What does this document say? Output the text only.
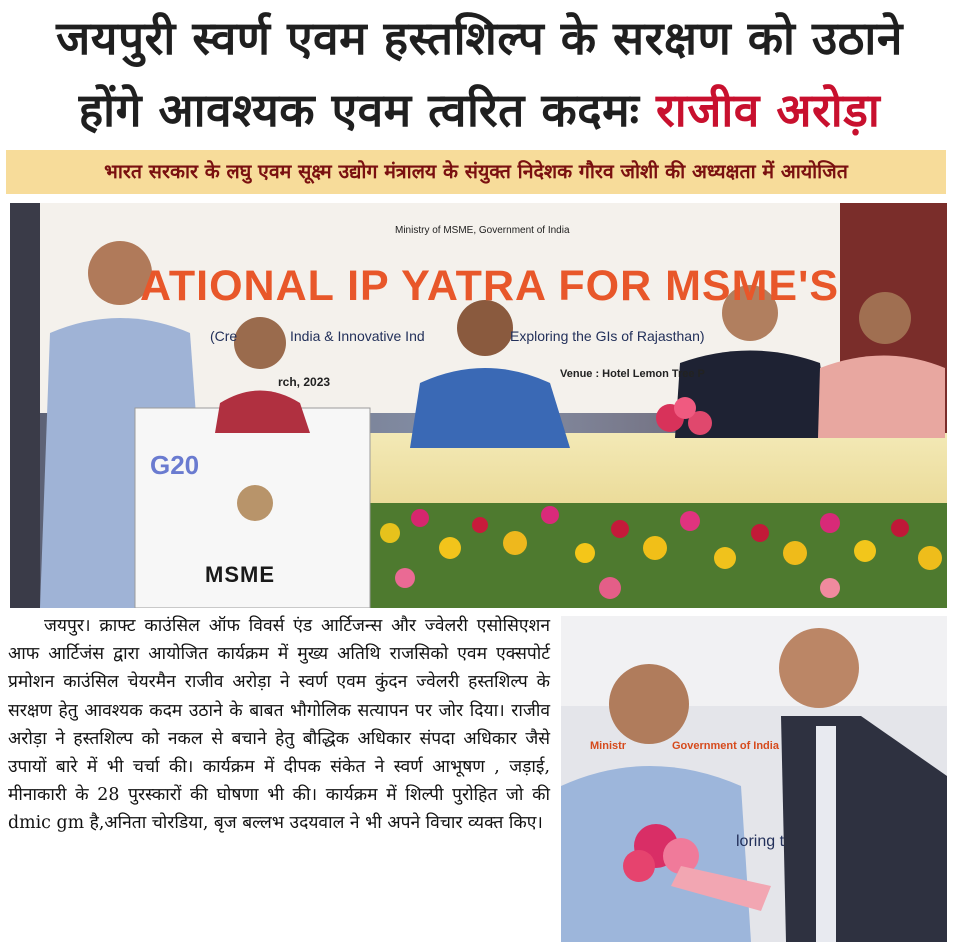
जयपुरी स्वर्ण एवम हस्तशिल्प के सरक्षण को उठाने
होंगे आवश्यक एवम त्वरित कदमः राजीव अरोड़ा
भारत सरकार के लघु एवम सूक्ष्म उद्योग मंत्रालय के संयुक्त निदेशक गौरव जोशी की अध्यक्षता में आयोजित
Ministry of MSME, Government of India
ATIONAL IP YATRA FOR MSME'S
(Cre	India & Innovative Ind	Exploring the GIs of Rajasthan)
rch, 2023
Venue : Hotel Lemon Tree P
G20
MSME

जयपुर। क्राफ्ट काउंसिल ऑफ विवर्स एंड आर्टिजन्स और ज्वेलरी एसोसिएशन आफ आर्टिजंस द्वारा आयोजित कार्यक्रम में मुख्य अतिथि राजसिको एवम एक्सपोर्ट प्रमोशन काउंसिल चेयरमैन राजीव अरोड़ा ने स्वर्ण एवम कुंदन ज्वेलरी हस्तशिल्प के सरक्षण हेतु आवश्यक कदम उठाने के बाबत भौगोलिक सत्यापन पर जोर दिया। राजीव अरोड़ा ने हस्तशिल्प को नकल से बचाने हेतु बौद्धिक अधिकार संपदा अधिकार जैसे उपायों बारे में भी चर्चा की। कार्यक्रम में दीपक संकेत ने स्वर्ण आभूषण , जड़ाई, मीनाकारी के 28 पुरस्कारों की घोषणा भी की। कार्यक्रम में शिल्पी पुरोहित जो की dmic gm है,अनिता चोरडिया, बृज बल्लभ उदयवाल ने भी अपने विचार व्यक्त किए।

Ministr	Government of India
loring t
